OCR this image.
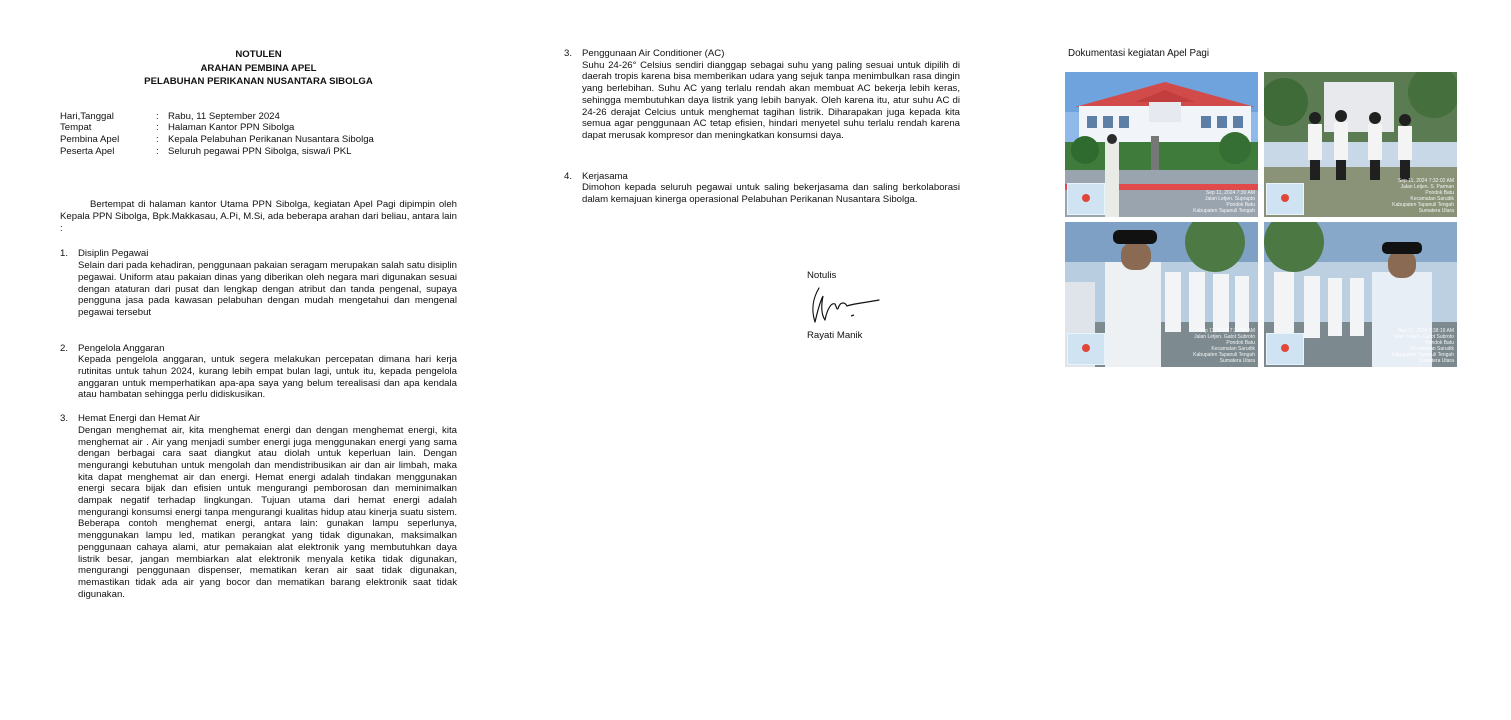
NOTULEN
ARAHAN PEMBINA APEL
PELABUHAN PERIKANAN NUSANTARA SIBOLGA
Hari,Tanggal	: Rabu, 11 September 2024
Tempat	: Halaman Kantor PPN Sibolga
Pembina Apel	: Kepala Pelabuhan Perikanan Nusantara Sibolga
Peserta Apel	: Seluruh pegawai PPN Sibolga, siswa/i PKL

Bertempat di halaman kantor Utama PPN Sibolga, kegiatan Apel Pagi dipimpin oleh Kepala PPN Sibolga, Bpk.Makkasau, A.Pi, M.Si, ada beberapa arahan dari beliau, antara lain :

1.	Disiplin Pegawai

Selain dari pada kehadiran, penggunaan pakaian seragam merupakan salah satu disiplin pegawai. Uniform atau pakaian dinas yang diberikan oleh negara mari digunakan sesuai dengan ataturan dari pusat dan lengkap dengan atribut dan tanda pengenal, supaya pengguna jasa pada kawasan pelabuhan dengan mudah mengetahui dan mengenal pegawai tersebut

2.	Pengelola Anggaran

Kepada pengelola anggaran, untuk segera melakukan percepatan dimana hari kerja rutinitas untuk tahun 2024, kurang lebih empat bulan lagi, untuk itu, kepada pengelola anggaran untuk memperhatikan apa-apa saya yang belum terealisasi dan apa kendala atau hambatan sehingga perlu didiskusikan.

3.	Hemat Energi dan Hemat Air

Dengan menghemat air, kita menghemat energi dan dengan menghemat energi, kita menghemat air . Air yang menjadi sumber energi juga menggunakan energi yang sama dengan berbagai cara saat diangkut atau diolah untuk keperluan lain. Dengan mengurangi kebutuhan untuk mengolah dan mendistribusikan air dan air limbah, maka kita dapat menghemat air dan energi. Hemat energi adalah tindakan menggunakan energi secara bijak dan efisien untuk mengurangi pemborosan dan meminimalkan dampak negatif terhadap lingkungan. Tujuan utama dari hemat energi adalah mengurangi konsumsi energi tanpa mengurangi kualitas hidup atau kinerja suatu sistem. Beberapa contoh menghemat energi, antara lain: gunakan lampu seperlunya, menggunakan lampu led, matikan perangkat yang tidak digunakan, maksimalkan penggunaan cahaya alami, atur pemakaian alat elektronik yang membutuhkan daya listrik besar, jangan membiarkan alat elektronik menyala ketika tidak digunakan, mengurangi penggunaan dispenser, mematikan keran air saat tidak digunakan, memastikan tidak ada air yang bocor dan mematikan barang elektronik saat tidak digunakan.

3.	Penggunaan Air Conditioner (AC)

Suhu 24-26° Celsius sendiri dianggap sebagai suhu yang paling sesuai untuk dipilih di daerah tropis karena bisa memberikan udara yang sejuk tanpa menimbulkan rasa dingin yang berlebihan. Suhu AC yang terlalu rendah akan membuat AC bekerja lebih keras, sehingga membutuhkan daya listrik yang lebih banyak. Oleh karena itu, atur suhu AC di 24-26 derajat Celcius untuk menghemat tagihan listrik. Diharapakan juga kepada kita semua agar penggunaan AC tetap efisien, hindari menyetel suhu terlalu rendah karena dapat merusak kompresor dan meningkatkan konsumsi daya.

4.	Kerjasama

Dimohon kepada seluruh pegawai untuk saling bekerjasama dan saling berkolaborasi dalam kemajuan kinerga operasional Pelabuhan Perikanan Nusantara Sibolga.

Notulis
Rayati Manik
Dokumentasi kegiatan Apel Pagi
Sep 11, 2024 7:30 AM
Jalan Letjen. Suprapto
Pondok Batu
Kabupaten Tapanuli Tengah
Sep 11, 2024 7:32:02 AM
Jalan Letjen. S. Parman
Pondok Batu
Kecamatan Sarudik
Kabupaten Tapanuli Tengah
Sumatera Utara
Sep 11, 2024 7:31:50 AM
Jalan Letjen. Gatot Subroto
Pondok Batu
Kecamatan Sarudik
Kabupaten Tapanuli Tengah
Sumatera Utara
Sep 11, 2024 7:38:19 AM
Jalan Letjen. Gatot Subroto
Pondok Batu
Kecamatan Sarudik
Kabupaten Tapanuli Tengah
Sumatera Utara
